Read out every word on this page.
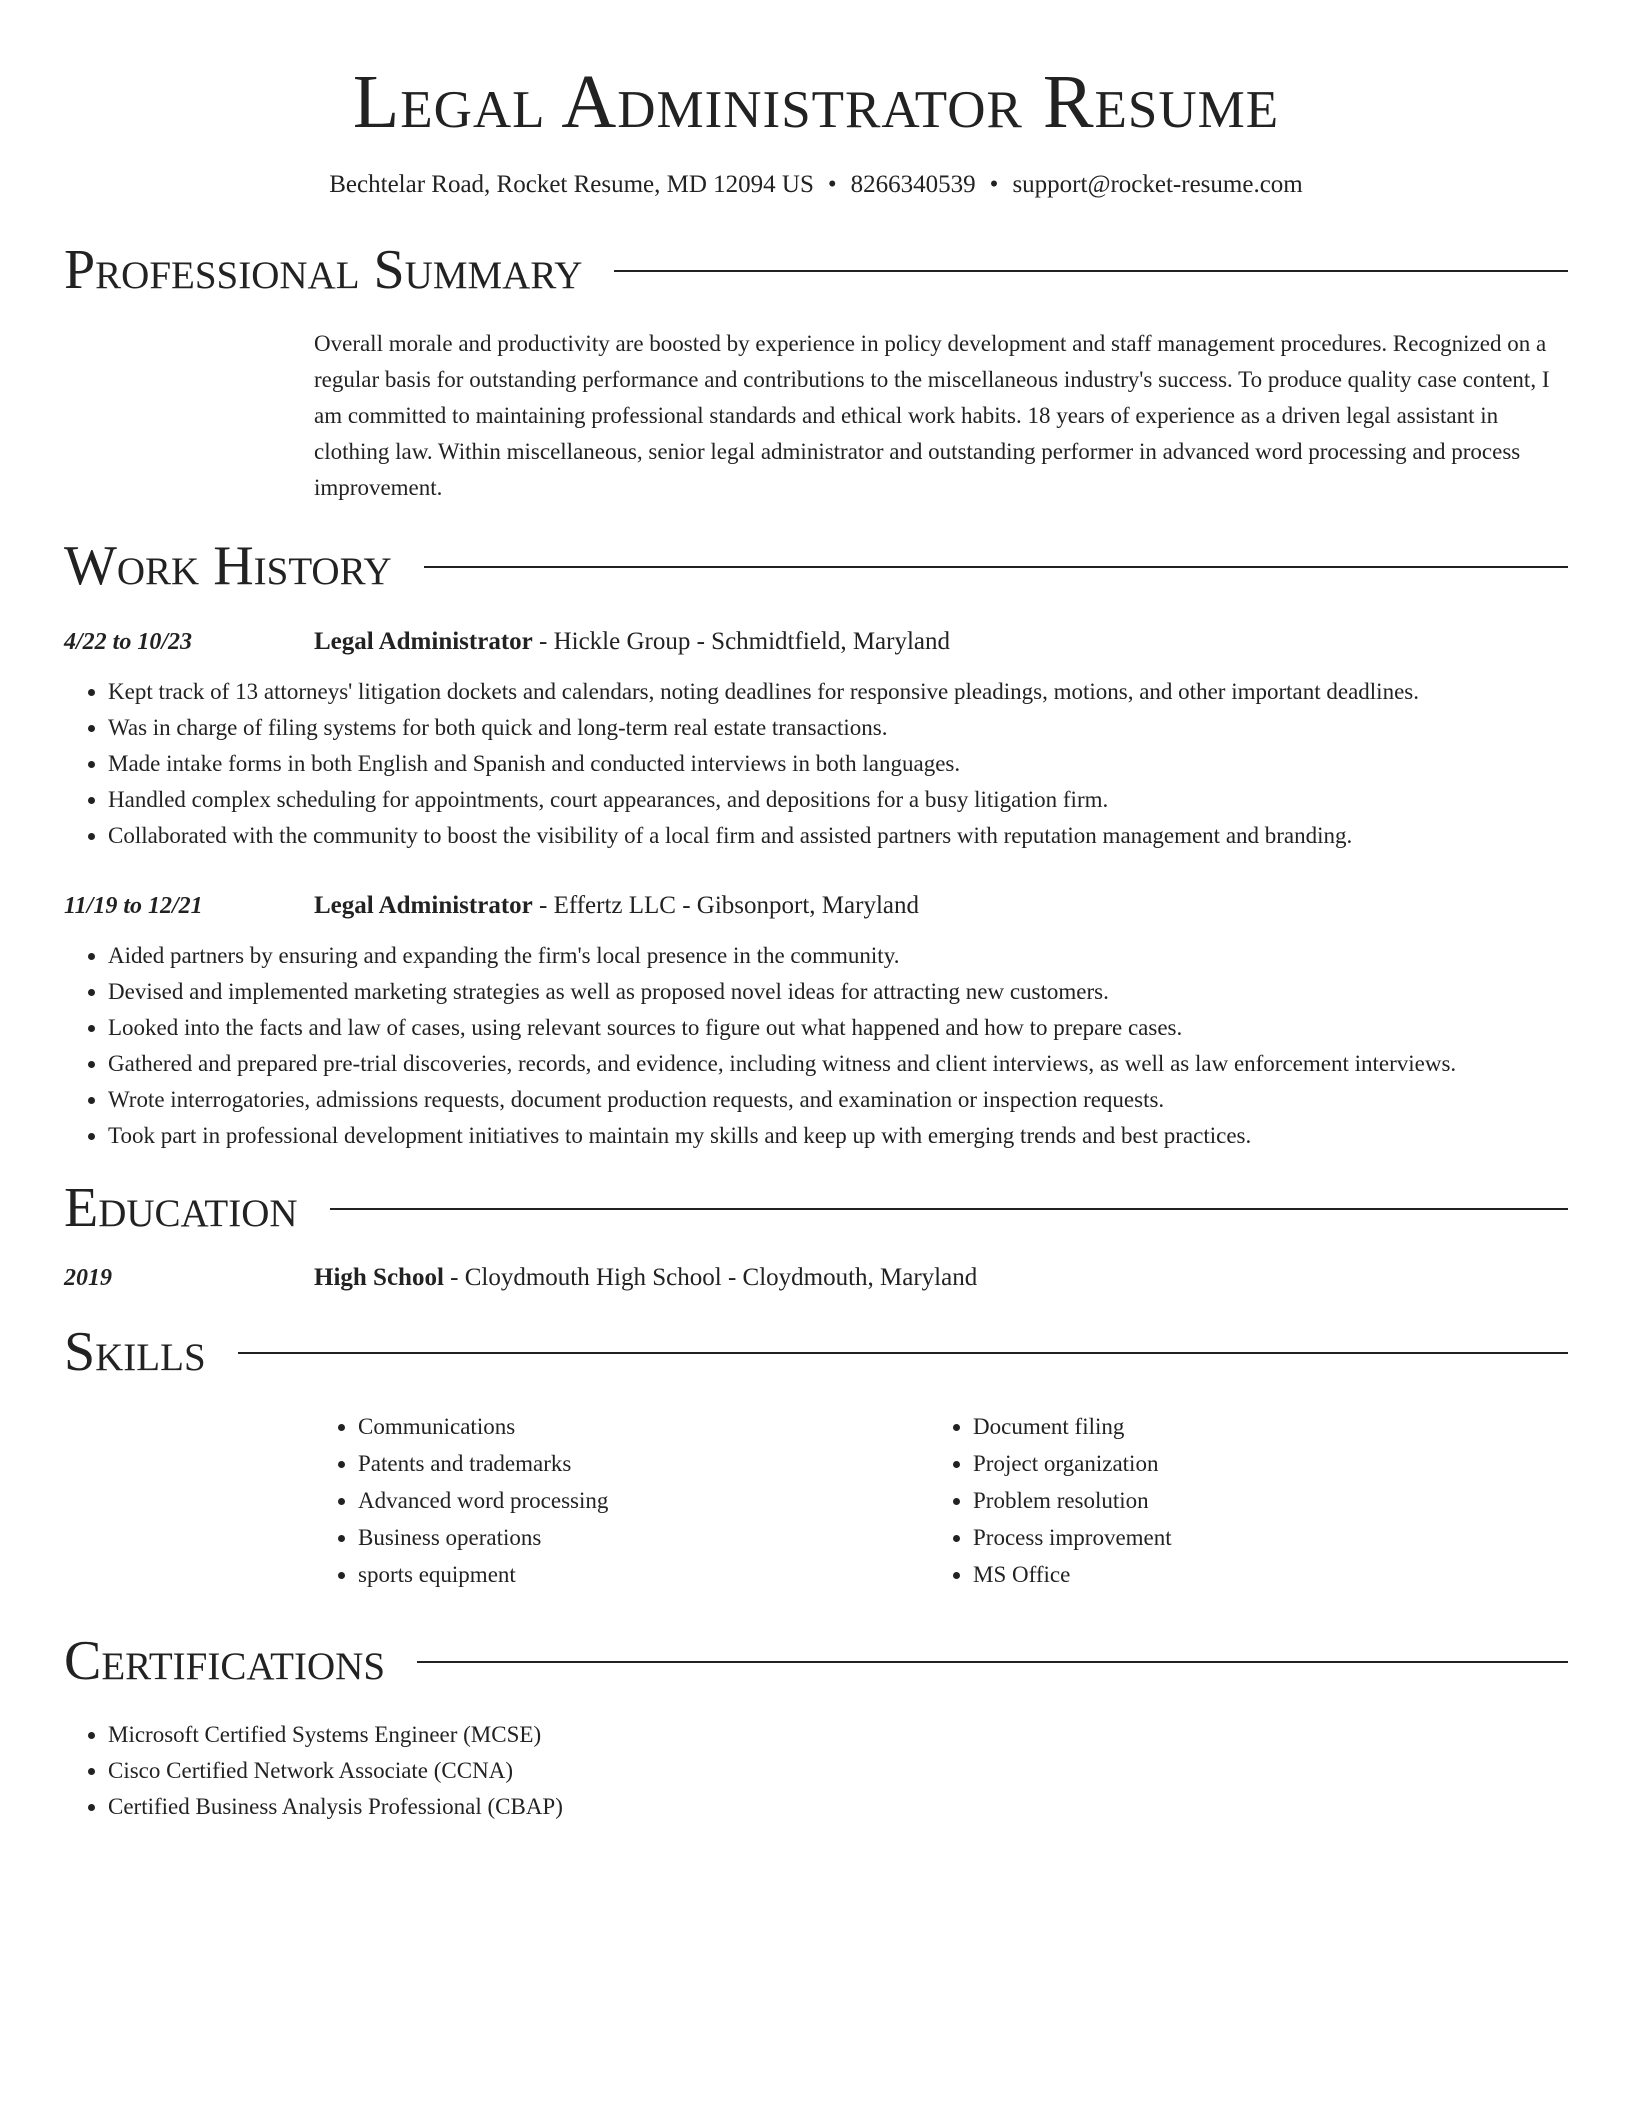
Legal Administrator Resume
Bechtelar Road, Rocket Resume, MD 12094 US • 8266340539 • support@rocket-resume.com
Professional Summary
Overall morale and productivity are boosted by experience in policy development and staff management procedures. Recognized on a regular basis for outstanding performance and contributions to the miscellaneous industry's success. To produce quality case content, I am committed to maintaining professional standards and ethical work habits. 18 years of experience as a driven legal assistant in clothing law. Within miscellaneous, senior legal administrator and outstanding performer in advanced word processing and process improvement.
Work History
4/22 to 10/23	Legal Administrator - Hickle Group - Schmidtfield, Maryland
• Kept track of 13 attorneys' litigation dockets and calendars, noting deadlines for responsive pleadings, motions, and other important deadlines.
• Was in charge of filing systems for both quick and long-term real estate transactions.
• Made intake forms in both English and Spanish and conducted interviews in both languages.
• Handled complex scheduling for appointments, court appearances, and depositions for a busy litigation firm.
• Collaborated with the community to boost the visibility of a local firm and assisted partners with reputation management and branding.
11/19 to 12/21	Legal Administrator - Effertz LLC - Gibsonport, Maryland
• Aided partners by ensuring and expanding the firm's local presence in the community.
• Devised and implemented marketing strategies as well as proposed novel ideas for attracting new customers.
• Looked into the facts and law of cases, using relevant sources to figure out what happened and how to prepare cases.
• Gathered and prepared pre-trial discoveries, records, and evidence, including witness and client interviews, as well as law enforcement interviews.
• Wrote interrogatories, admissions requests, document production requests, and examination or inspection requests.
• Took part in professional development initiatives to maintain my skills and keep up with emerging trends and best practices.
Education
2019	High School - Cloydmouth High School - Cloydmouth, Maryland
Skills
• Communications
• Patents and trademarks
• Advanced word processing
• Business operations
• sports equipment
• Document filing
• Project organization
• Problem resolution
• Process improvement
• MS Office
Certifications
• Microsoft Certified Systems Engineer (MCSE)
• Cisco Certified Network Associate (CCNA)
• Certified Business Analysis Professional (CBAP)
